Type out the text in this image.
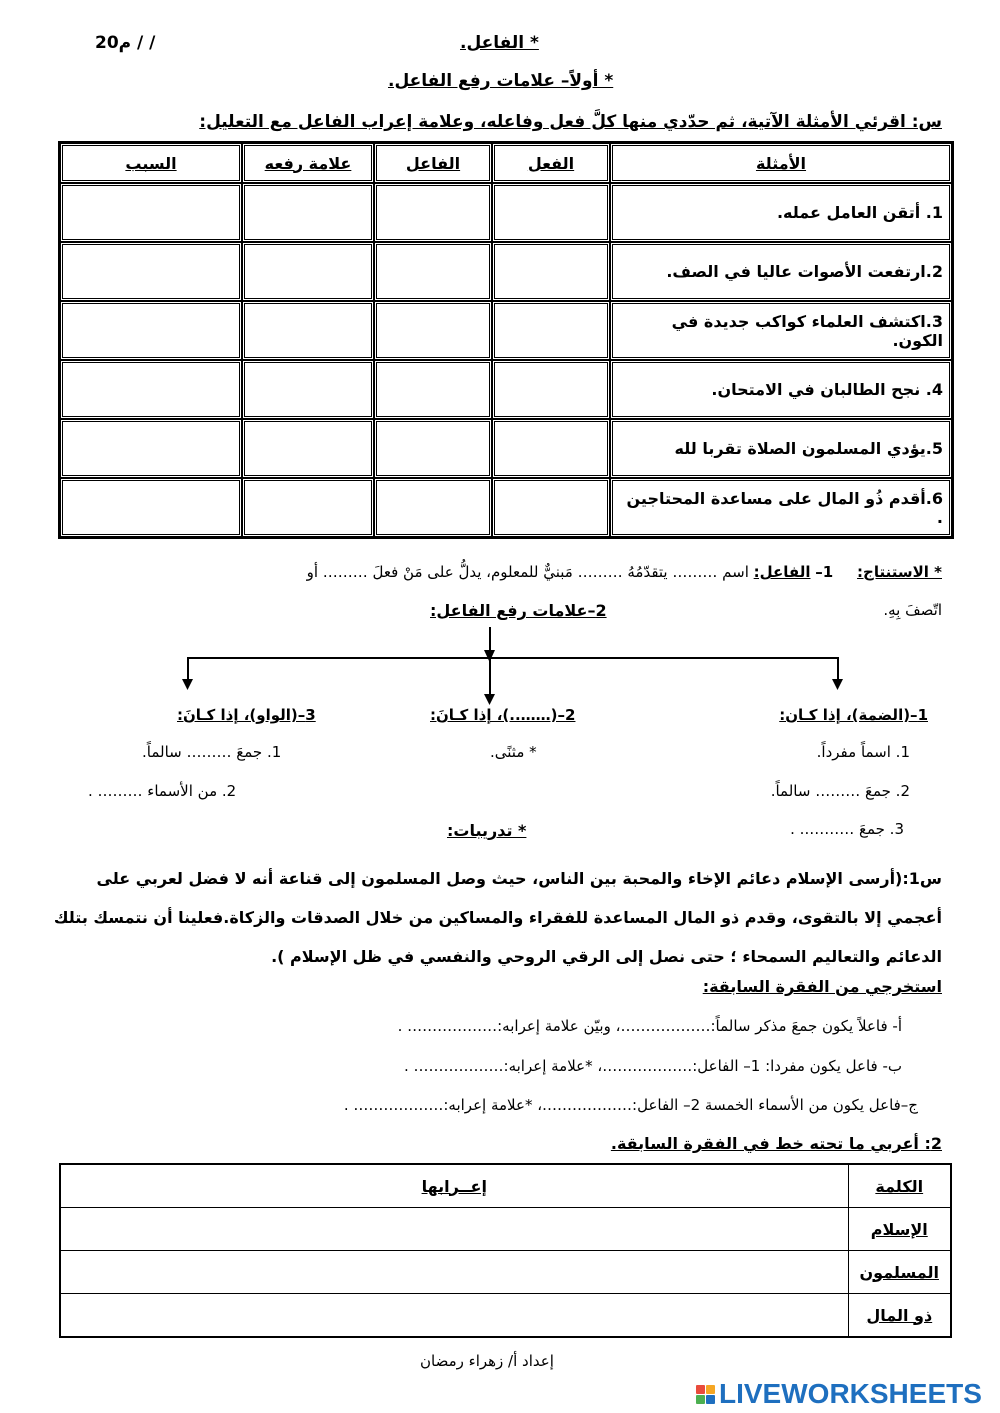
20م / /	* الفاعل.
* أولاً– علامات رفع الفاعل.
س: اقرئي الأمثلة الآتية، ثم حدّدي منها كلَّ فعل وفاعله، وعلامة إعراب الفاعل مع التعليل:
الأمثلة	الفعل	الفاعل	علامة رفعه	السبب
1. أتقن العامل عمله.				
2.ارتفعت الأصوات عاليا في الصف.				
3.اكتشف العلماء كواكب جديدة في الكون.				
4. نجح الطالبان في الامتحان.				
5.يؤدي المسلمون الصلاة تقربا لله				
6.أقدم ذُو المال على مساعدة المحتاجين .				
* الاستنتاج:     1– الفاعل: اسم ……… يتقدّمُهُ ……… مَبنيٌّ للمعلوم، يدلُّ على مَنْ فعلَ ……… أو
اتّصفَ بِهِ.
2–علامات رفع الفاعل:
1–(الضمة)، إذا كـان:
2–(……..)، إذا كـانَ:
3–(الواو)، إذا كـانَ:
1. اسماً مفرداً.
2. جمعَ ……… سالماً.
3. جمعَ ……….. .
* مثنًى.
1. جمعَ ……… سالماً.
2. من الأسماء ……… .
* تدريبات:
س1:(أرسى الإسلام دعائم الإخاء والمحبة بين الناس، حيث وصل المسلمون إلى قناعة أنه لا فضل لعربي على
أعجمي إلا بالتقوى، وقدم ذو المال المساعدة للفقراء والمساكين من خلال الصدقات والزكاة.فعلينا أن نتمسك بتلك
الدعائم والتعاليم السمحاء ؛ حتى نصل إلى الرقي الروحي والنفسي في ظل الإسلام ).
استخرجي من الفقرة السابقة:
أ- فاعلاً يكون جمعَ مذكر سالماً:………………، وبيّن علامة إعرابه:……………… .
ب- فاعل يكون مفردا: 1– الفاعل:………………، *علامة إعرابه:……………… .
ج–فاعل يكون من الأسماء الخمسة 2– الفاعل:………………، *علامة إعرابه:……………… .
2: أعربي ما تحته خط في الفقرة السابقة.
الكلمة	إعــرابها
الإسلام	
المسلمون	
ذو المال	
إعداد أ/ زهراء رمضان
LIVEWORKSHEETS
